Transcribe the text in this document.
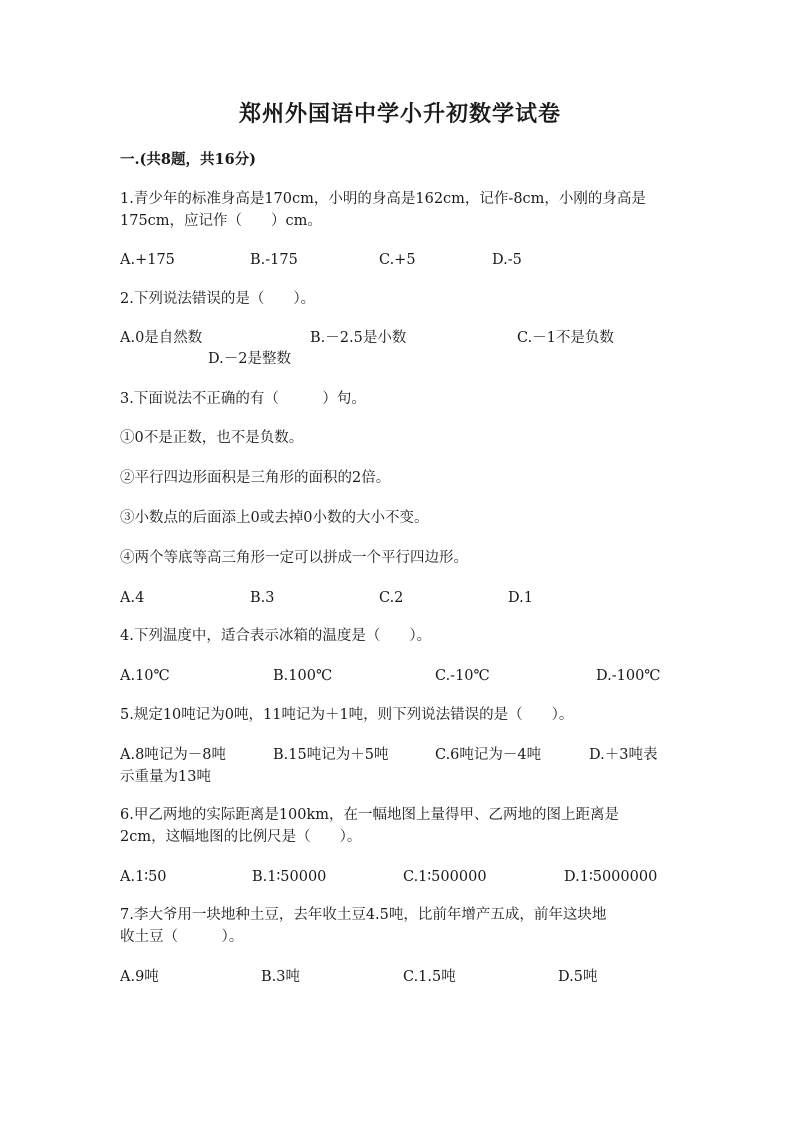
郑州外国语中学小升初数学试卷
一.(共8题，共16分)
1.青少年的标准身高是170cm，小明的身高是162cm，记作-8cm，小刚的身高是
175cm，应记作（　　）cm。
A.+175	B.-175	C.+5	D.-5
2.下列说法错误的是（　　）。
A.0是自然数	B.－2.5是小数	C.－1不是负数
D.－2是整数
3.下面说法不正确的有（　　　）句。
①0不是正数，也不是负数。
②平行四边形面积是三角形的面积的2倍。
③小数点的后面添上0或去掉0小数的大小不变。
④两个等底等高三角形一定可以拼成一个平行四边形。
A.4	B.3	C.2	D.1
4.下列温度中，适合表示冰箱的温度是（　　）。
A.10℃	B.100℃	C.-10℃	D.-100℃
5.规定10吨记为0吨，11吨记为＋1吨，则下列说法错误的是（　　）。
A.8吨记为－8吨	B.15吨记为＋5吨	C.6吨记为－4吨	D.＋3吨表
示重量为13吨
6.甲乙两地的实际距离是100km，在一幅地图上量得甲、乙两地的图上距离是
2cm，这幅地图的比例尺是（　　）。
A.1∶50	B.1∶50000	C.1∶500000	D.1∶5000000
7.李大爷用一块地种土豆，去年收土豆4.5吨，比前年增产五成，前年这块地
收土豆（　　　）。
A.9吨	B.3吨	C.1.5吨	D.5吨
